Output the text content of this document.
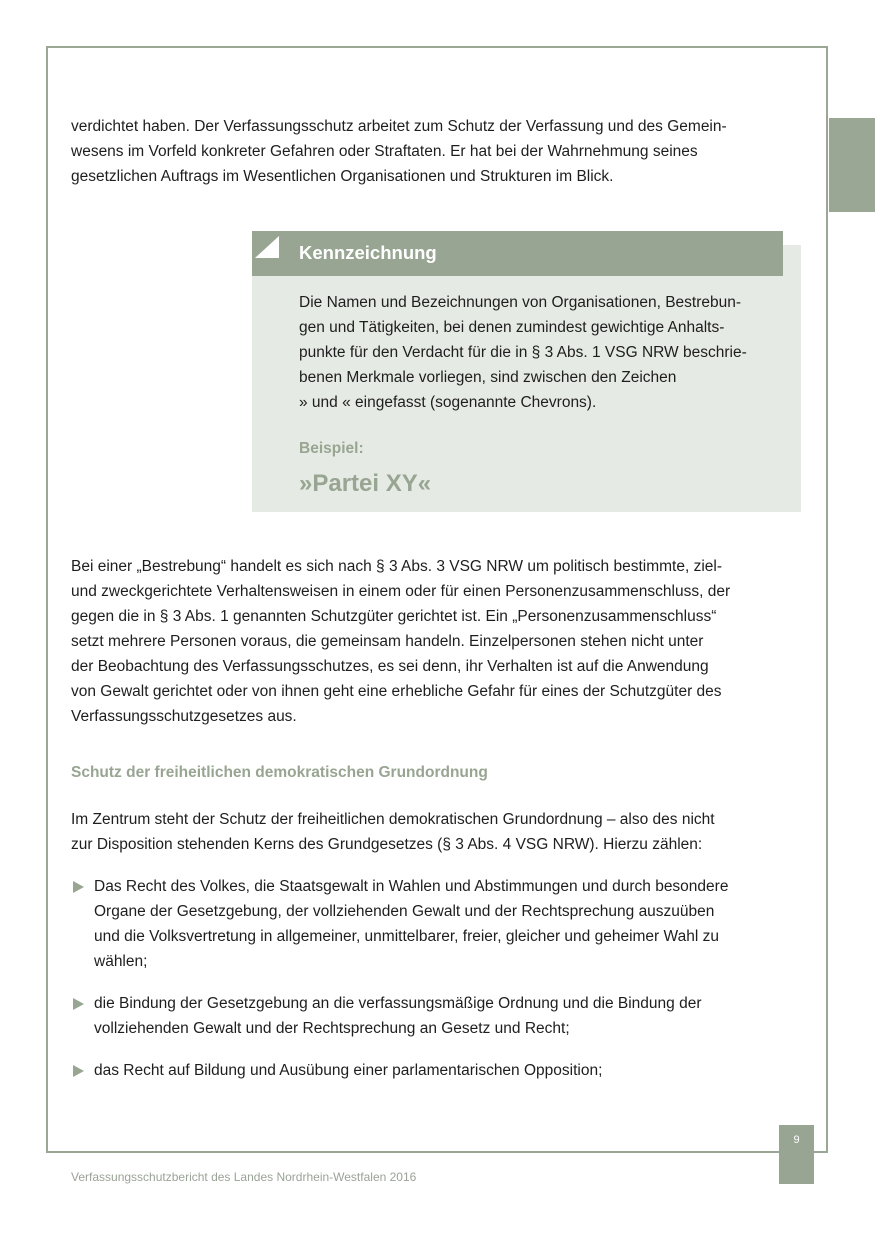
verdichtet haben. Der Verfassungsschutz arbeitet zum Schutz der Verfassung und des Gemein-

wesens im Vorfeld konkreter Gefahren oder Straftaten. Er hat bei der Wahrnehmung seines

gesetzlichen Auftrags im Wesentlichen Organisationen und Strukturen im Blick.

Kennzeichnung

Die Namen und Bezeichnungen von Organisationen, Bestrebun-

gen und Tätigkeiten, bei denen zumindest gewichtige Anhalts-

punkte für den Verdacht für die in § 3 Abs. 1 VSG NRW beschrie-

benen Merkmale vorliegen, sind zwischen den Zeichen

» und « eingefasst (sogenannte Chevrons).

Beispiel:
»Partei XY«

Bei einer „Bestrebung“ handelt es sich nach § 3 Abs. 3 VSG NRW um politisch bestimmte, ziel-

und zweckgerichtete Verhaltensweisen in einem oder für einen Personenzusammenschluss, der

gegen die in § 3 Abs. 1 genannten Schutzgüter gerichtet ist. Ein „Personenzusammenschluss“

setzt mehrere Personen voraus, die gemeinsam handeln. Einzelpersonen stehen nicht unter

der Beobachtung des Verfassungsschutzes, es sei denn, ihr Verhalten ist auf die Anwendung

von Gewalt gerichtet oder von ihnen geht eine erhebliche Gefahr für eines der Schutzgüter des

Verfassungsschutzgesetzes aus.

Schutz der freiheitlichen demokratischen Grundordnung

Im Zentrum steht der Schutz der freiheitlichen demokratischen Grundordnung – also des nicht

zur Disposition stehenden Kerns des Grundgesetzes (§ 3 Abs. 4 VSG NRW). Hierzu zählen:

Das Recht des Volkes, die Staatsgewalt in Wahlen und Abstimmungen und durch besondere
Organe der Gesetzgebung, der vollziehenden Gewalt und der Rechtsprechung auszuüben
und die Volksvertretung in allgemeiner, unmittelbarer, freier, gleicher und geheimer Wahl zu
wählen;
die Bindung der Gesetzgebung an die verfassungsmäßige Ordnung und die Bindung der
vollziehenden Gewalt und der Rechtsprechung an Gesetz und Recht;
das Recht auf Bildung und Ausübung einer parlamentarischen Opposition;
9
Verfassungsschutzbericht des Landes Nordrhein-Westfalen 2016
